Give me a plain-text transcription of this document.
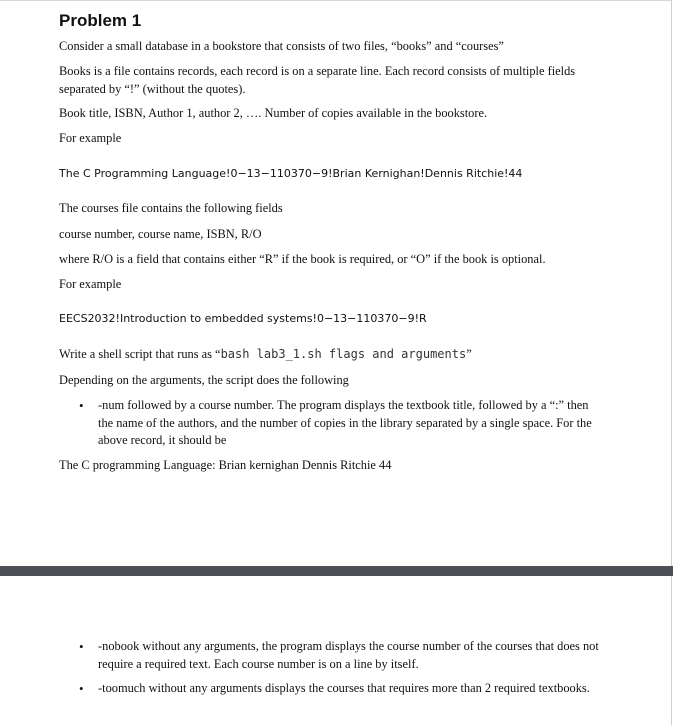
Problem 1

Consider a small database in a bookstore that consists of two files, “books” and “courses”

Books is a file contains records, each record is on a separate line. Each record consists of multiple fields separated by “!” (without the quotes).

Book title, ISBN, Author 1, author 2, …. Number of copies available in the bookstore.

For example

The C Programming Language!0−13−110370−9!Brian Kernighan!Dennis Ritchie!44

The courses file contains the following fields

course number, course name, ISBN, R/O

where R/O is a field that contains either “R” if the book is required, or “O” if the book is optional.

For example

EECS2032!Introduction to embedded systems!0−13−110370−9!R

Write a shell script that runs as “bash lab3_1.sh flags and arguments”

Depending on the arguments, the script does the following

• -num followed by a course number. The program displays the textbook title, followed by a “:” then the name of the authors, and the number of copies in the library separated by a single space. For the above record, it should be

The C programming Language: Brian kernighan Dennis Ritchie 44

• -nobook without any arguments, the program displays the course number of the courses that does not require a required text. Each course number is on a line by itself.

• -toomuch without any arguments displays the courses that requires more than 2 required textbooks.
